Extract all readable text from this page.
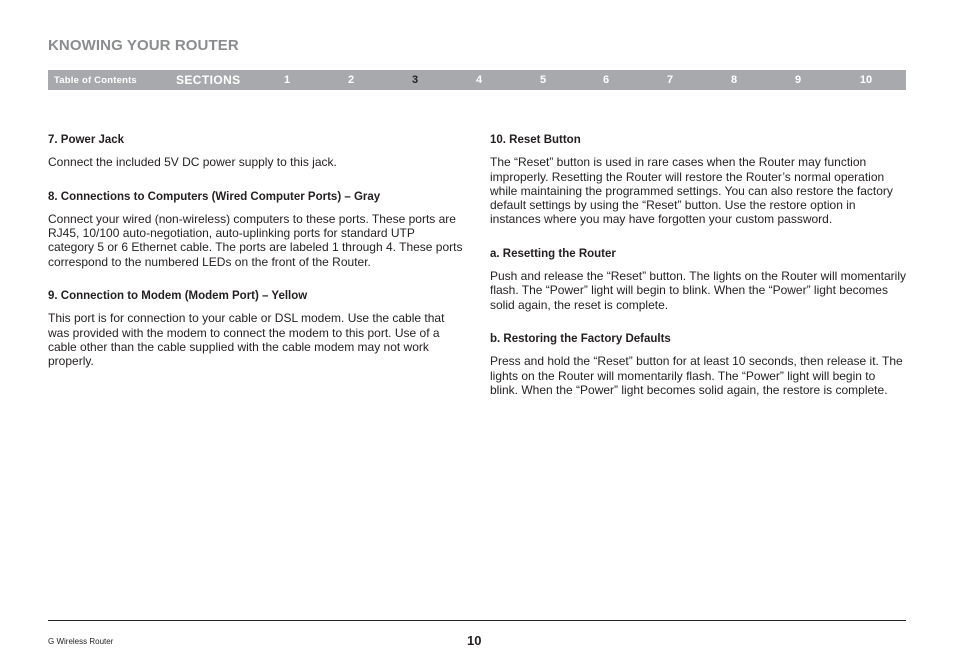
KNOWING YOUR ROUTER
Table of Contents	SECTIONS	1	2	3	4	5	6	7	8	9	10
7. Power Jack
Connect the included 5V DC power supply to this jack.
8. Connections to Computers (Wired Computer Ports) – Gray
Connect your wired (non-wireless) computers to these ports. These ports are RJ45, 10/100 auto-negotiation, auto-uplinking ports for standard UTP category 5 or 6 Ethernet cable. The ports are labeled 1 through 4. These ports correspond to the numbered LEDs on the front of the Router.
9. Connection to Modem (Modem Port) – Yellow
This port is for connection to your cable or DSL modem. Use the cable that was provided with the modem to connect the modem to this port. Use of a cable other than the cable supplied with the cable modem may not work properly.
10. Reset Button
The “Reset” button is used in rare cases when the Router may function improperly. Resetting the Router will restore the Router’s normal operation while maintaining the programmed settings. You can also restore the factory default settings by using the “Reset” button. Use the restore option in instances where you may have forgotten your custom password.
a. Resetting the Router
Push and release the “Reset” button. The lights on the Router will momentarily flash. The “Power” light will begin to blink. When the “Power” light becomes solid again, the reset is complete.
b. Restoring the Factory Defaults
Press and hold the “Reset” button for at least 10 seconds, then release it. The lights on the Router will momentarily flash. The “Power” light will begin to blink. When the “Power” light becomes solid again, the restore is complete.
G Wireless Router	10
